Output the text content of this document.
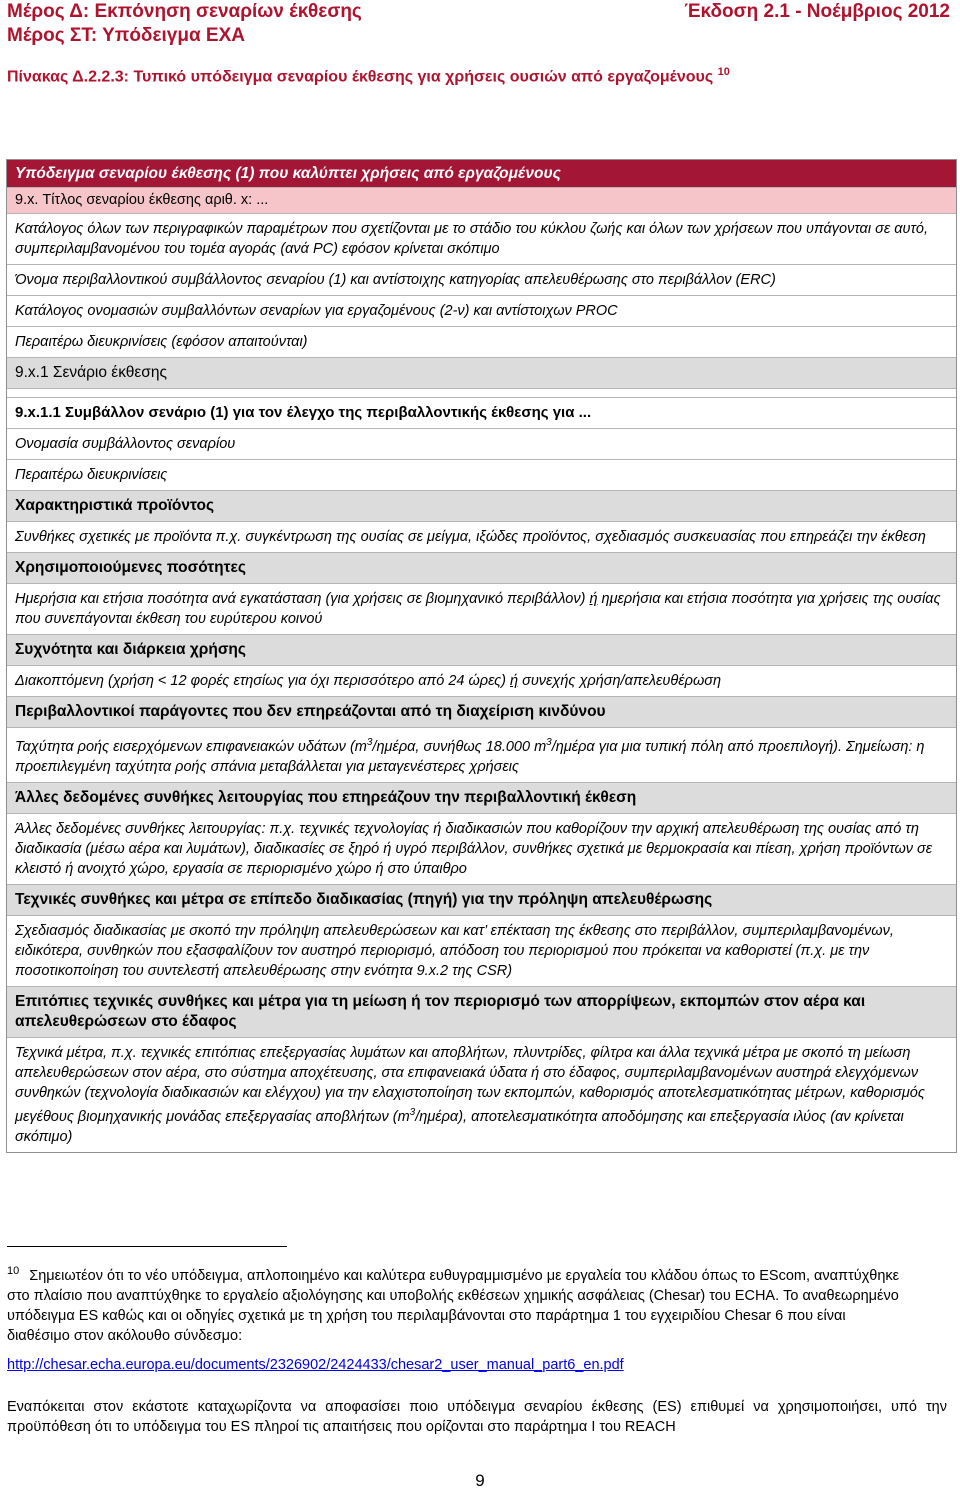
Μέρος Δ: Εκπόνηση σεναρίων έκθεσης	Έκδοση 2.1 - Νοέμβριος 2012
Μέρος ΣΤ: Υπόδειγμα ΕΧΑ
Πίνακας Δ.2.2.3: Τυπικό υπόδειγμα σεναρίου έκθεσης για χρήσεις ουσιών από εργαζομένους $^{10}$
Υπόδειγμα σεναρίου έκθεσης (1) που καλύπτει χρήσεις από εργαζομένους
9.x. Τίτλος σεναρίου έκθεσης αριθ. x: ...
Κατάλογος όλων των περιγραφικών παραμέτρων που σχετίζονται με το στάδιο του κύκλου ζωής και όλων των χρήσεων που υπάγονται σε αυτό, συμπεριλαμβανομένου του τομέα αγοράς (ανά PC) εφόσον κρίνεται σκόπιμο
Όνομα περιβαλλοντικού συμβάλλοντος σεναρίου (1) και αντίστοιχης κατηγορίας απελευθέρωσης στο περιβάλλον (ERC)
Κατάλογος ονομασιών συμβαλλόντων σεναρίων για εργαζομένους (2-ν) και αντίστοιχων PROC
Περαιτέρω διευκρινίσεις (εφόσον απαιτούνται)
9.x.1 Σενάριο έκθεσης
9.x.1.1 Συμβάλλον σενάριο (1) για τον έλεγχο της περιβαλλοντικής έκθεσης για ...
Ονομασία συμβάλλοντος σεναρίου
Περαιτέρω διευκρινίσεις
Χαρακτηριστικά προϊόντος
Συνθήκες σχετικές με προϊόντα π.χ. συγκέντρωση της ουσίας σε μείγμα, ιξώδες προϊόντος, σχεδιασμός συσκευασίας που επηρεάζει την έκθεση
Χρησιμοποιούμενες ποσότητες
Ημερήσια και ετήσια ποσότητα ανά εγκατάσταση (για χρήσεις σε βιομηχανικό περιβάλλον) ή ημερήσια και ετήσια ποσότητα για χρήσεις της ουσίας που συνεπάγονται έκθεση του ευρύτερου κοινού
Συχνότητα και διάρκεια χρήσης
Διακοπτόμενη (χρήση < 12 φορές ετησίως για όχι περισσότερο από 24 ώρες) ή συνεχής χρήση/απελευθέρωση
Περιβαλλοντικοί παράγοντες που δεν επηρεάζονται από τη διαχείριση κινδύνου
Ταχύτητα ροής εισερχόμενων επιφανειακών υδάτων ($m^3$/ημέρα, συνήθως 18.000 $m^3$/ημέρα για μια τυπική πόλη από προεπιλογή). Σημείωση: η προεπιλεγμένη ταχύτητα ροής σπάνια μεταβάλλεται για μεταγενέστερες χρήσεις
Άλλες δεδομένες συνθήκες λειτουργίας που επηρεάζουν την περιβαλλοντική έκθεση
Άλλες δεδομένες συνθήκες λειτουργίας: π.χ. τεχνικές τεχνολογίας ή διαδικασιών που καθορίζουν την αρχική απελευθέρωση της ουσίας από τη διαδικασία (μέσω αέρα και λυμάτων), διαδικασίες σε ξηρό ή υγρό περιβάλλον, συνθήκες σχετικά με θερμοκρασία και πίεση, χρήση προϊόντων σε κλειστό ή ανοιχτό χώρο, εργασία σε περιορισμένο χώρο ή στο ύπαιθρο
Τεχνικές συνθήκες και μέτρα σε επίπεδο διαδικασίας (πηγή) για την πρόληψη απελευθέρωσης
Σχεδιασμός διαδικασίας με σκοπό την πρόληψη απελευθερώσεων και κατ’ επέκταση της έκθεσης στο περιβάλλον, συμπεριλαμβανομένων, ειδικότερα, συνθηκών που εξασφαλίζουν τον αυστηρό περιορισμό, απόδοση του περιορισμού που πρόκειται να καθοριστεί (π.χ. με την ποσοτικοποίηση του συντελεστή απελευθέρωσης στην ενότητα 9.x.2 της CSR)
Επιτόπιες τεχνικές συνθήκες και μέτρα για τη μείωση ή τον περιορισμό των απορρίψεων, εκπομπών στον αέρα και απελευθερώσεων στο έδαφος
Τεχνικά μέτρα, π.χ. τεχνικές επιτόπιας επεξεργασίας λυμάτων και αποβλήτων, πλυντρίδες, φίλτρα και άλλα τεχνικά μέτρα με σκοπό τη μείωση απελευθερώσεων στον αέρα, στο σύστημα αποχέτευσης, στα επιφανειακά ύδατα ή στο έδαφος, συμπεριλαμβανομένων αυστηρά ελεγχόμενων συνθηκών (τεχνολογία διαδικασιών και ελέγχου) για την ελαχιστοποίηση των εκπομπών, καθορισμός αποτελεσματικότητας μέτρων, καθορισμός μεγέθους βιομηχανικής μονάδας επεξεργασίας αποβλήτων $(m^3/\eta\mu έ\rho\alpha)$, αποτελεσματικότητα αποδόμησης και επεξεργασία ιλύος (αν κρίνεται σκόπιμο)
$^{10}$ Σημειωτέον ότι το νέο υπόδειγμα, απλοποιημένο και καλύτερα ευθυγραμμισμένο με εργαλεία του κλάδου όπως το EScom, αναπτύχθηκε στο πλαίσιο που αναπτύχθηκε το εργαλείο αξιολόγησης και υποβολής εκθέσεων χημικής ασφάλειας (Chesar) του ECHA. Το αναθεωρημένο υπόδειγμα ES καθώς και οι οδηγίες σχετικά με τη χρήση του περιλαμβάνονται στο παράρτημα 1 του εγχειριδίου Chesar 6 που είναι διαθέσιμο στον ακόλουθο σύνδεσμο:
http://chesar.echa.europa.eu/documents/2326902/2424433/chesar2_user_manual_part6_en.pdf
Εναπόκειται στον εκάστοτε καταχωρίζοντα να αποφασίσει ποιο υπόδειγμα σεναρίου έκθεσης (ES) επιθυμεί να χρησιμοποιήσει, υπό την προϋπόθεση ότι το υπόδειγμα του ES πληροί τις απαιτήσεις που ορίζονται στο παράρτημα Ι του REACH
9
